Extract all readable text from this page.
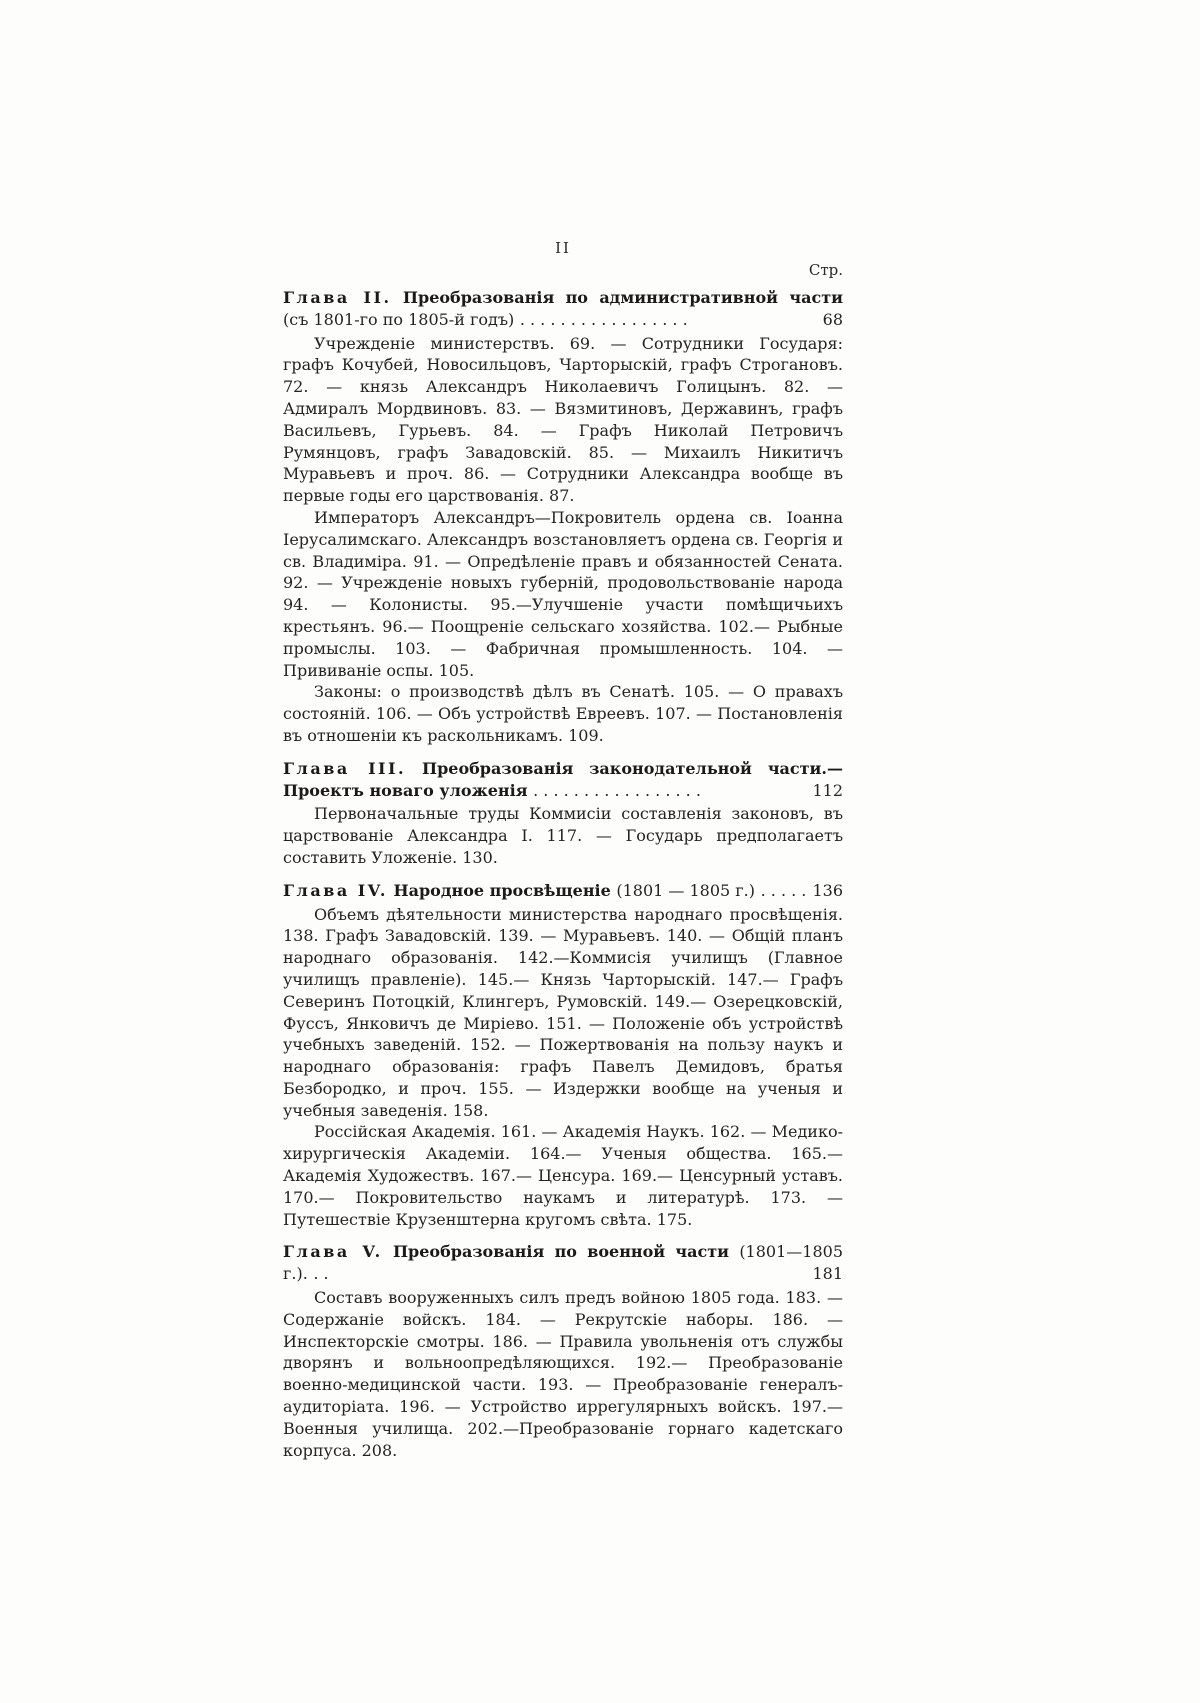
II
Стр.

Глава II. Преобразованія по административной части (съ 1801-го по 1805-й годъ) . . . . . . . . . . . . . . . . .	68

Учрежденіе министерствъ. 69. — Сотрудники Государя: графъ Кочубей, Новосильцовъ, Чарторыскій, графъ Строгановъ. 72. — князь Александръ Николаевичъ Голицынъ. 82. — Адмиралъ Мордвиновъ. 83. — Вязмитиновъ, Державинъ, графъ Васильевъ, Гурьевъ. 84. — Графъ Николай Петровичъ Румянцовъ, графъ Завадовскій. 85. — Михаилъ Никитичъ Муравьевъ и проч. 86. — Сотрудники Александра вообще въ первые годы его царствованія. 87.

Императоръ Александръ—Покровитель ордена св. Іоанна Іерусалимскаго. Александръ возстановляетъ ордена св. Георгія и св. Владиміра. 91. — Опредѣленіе правъ и обязанностей Сената. 92. — Учрежденіе новыхъ губерній, продовольствованіе народа 94. — Колонисты. 95.—Улучшеніе участи помѣщичьихъ крестьянъ. 96.— Поощреніе сельскаго хозяйства. 102.— Рыбные промыслы. 103. — Фабричная промышленность. 104. — Прививаніе оспы. 105.

Законы: о производствѣ дѣлъ въ Сенатѣ. 105. — О правахъ состояній. 106. — Объ устройствѣ Евреевъ. 107. — Постановленія въ отношеніи къ раскольникамъ. 109.

Глава III. Преобразованія законодательной части.—Проектъ новаго уложенія . . . . . . . . . . . . . . . . .	112

Первоначальные труды Коммисіи составленія законовъ, въ царствованіе Александра I. 117. — Государь предполагаетъ составить Уложеніе. 130.

Глава IV. Народное просвѣщеніе (1801 — 1805 г.) . . . . . 136

Объемъ дѣятельности министерства народнаго просвѣщенія. 138. Графъ Завадовскій. 139. — Муравьевъ. 140. — Общій планъ народнаго образованія. 142.—Коммисія училищъ (Главное училищъ правленіе). 145.— Князь Чарторыскій. 147.— Графъ Северинъ Потоцкій, Клингеръ, Румовскій. 149.— Озерецковскій, Фуссъ, Янковичъ де Миріево. 151. — Положеніе объ устройствѣ учебныхъ заведеній. 152. — Пожертвованія на пользу наукъ и народнаго образованія: графъ Павелъ Демидовъ, братья Безбородко, и проч. 155. — Издержки вообще на ученыя и учебныя заведенія. 158.

Россійская Академія. 161. — Академія Наукъ. 162. — Медико-хирургическія Академіи. 164.— Ученыя общества. 165.— Академія Художествъ. 167.— Ценсура. 169.— Ценсурный уставъ. 170.— Покровительство наукамъ и литературѣ. 173. — Путешествіе Крузенштерна кругомъ свѣта. 175.

Глава V. Преобразованія по военной части (1801—1805 г.). . .	181

Составъ вооруженныхъ силъ предъ войною 1805 года. 183. — Содержаніе войскъ. 184. — Рекрутскіе наборы. 186. — Инспекторскіе смотры. 186. — Правила увольненія отъ службы дворянъ и вольноопредѣляющихся. 192.— Преобразованіе военно-медицинской части. 193. — Преобразованіе генералъ-аудиторіата. 196. — Устройство иррегулярныхъ войскъ. 197.— Военныя училища. 202.—Преобразованіе горнаго кадетскаго корпуса. 208.
